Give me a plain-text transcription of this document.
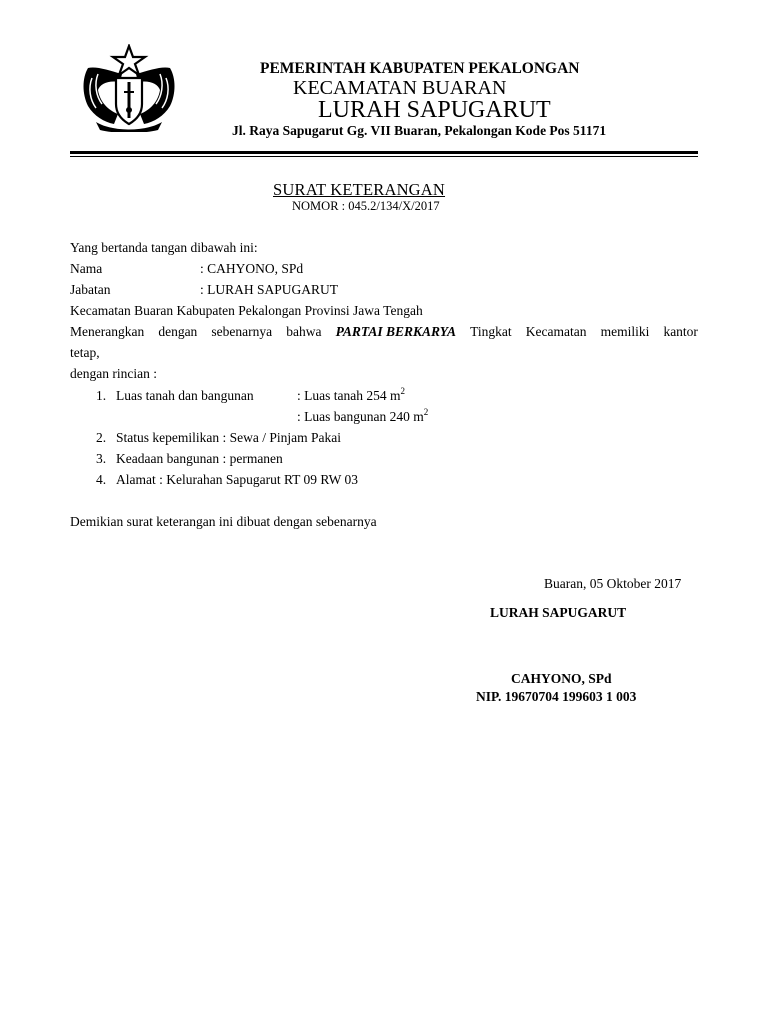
PEMERINTAH KABUPATEN PEKALONGAN
KECAMATAN BUARAN
LURAH SAPUGARUT
Jl. Raya Sapugarut Gg. VII Buaran, Pekalongan Kode Pos 51171
SURAT KETERANGAN
NOMOR : 045.2/134/X/2017
Yang bertanda tangan dibawah ini:
Nama	: CAHYONO, SPd
Jabatan	: LURAH SAPUGARUT
Kecamatan Buaran Kabupaten Pekalongan Provinsi Jawa Tengah
Menerangkan dengan sebenarnya bahwa PARTAI BERKARYA Tingkat Kecamatan memiliki kantor
tetap,
dengan rincian :
1. Luas tanah dan bangunan	: Luas tanah 254 $m^2$
: Luas bangunan 240 $m^2$
2. Status kepemilikan : Sewa / Pinjam Pakai
3. Keadaan bangunan : permanen
4. Alamat : Kelurahan Sapugarut RT 09 RW 03
Demikian surat keterangan ini dibuat dengan sebenarnya
Buaran, 05 Oktober 2017
LURAH SAPUGARUT
CAHYONO, SPd
NIP. 19670704 199603 1 003
